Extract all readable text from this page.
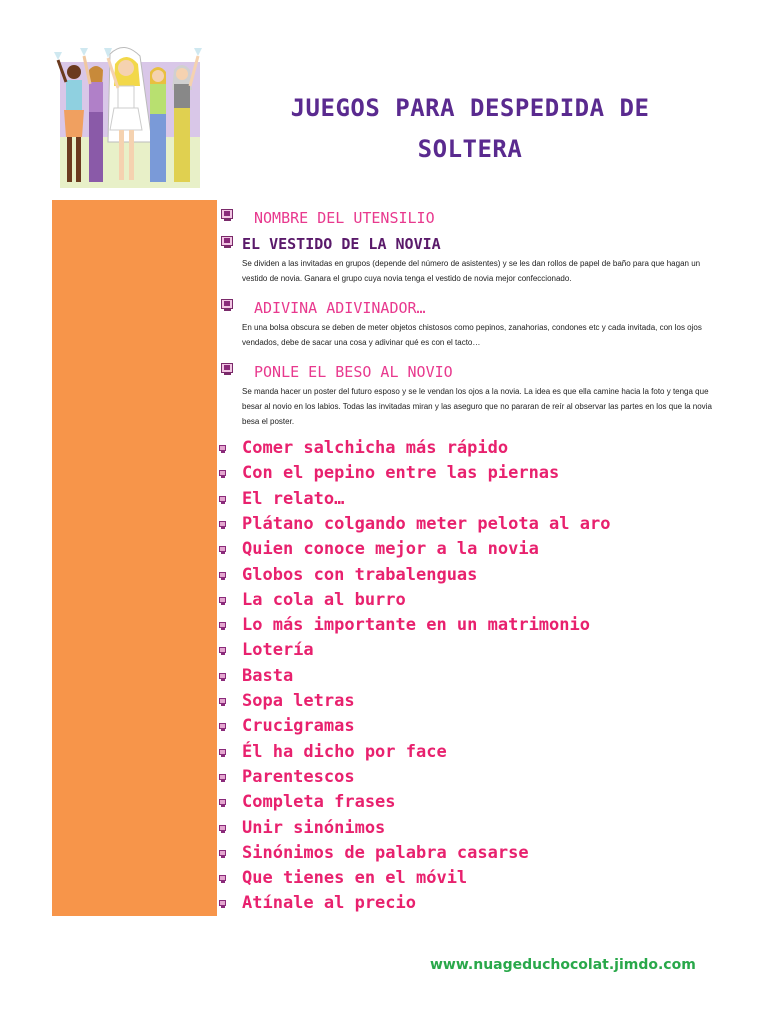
JUEGOS PARA DESPEDIDA DE
SOLTERA
NOMBRE DEL UTENSILIO
EL VESTIDO DE LA NOVIA
Se dividen a las invitadas en grupos (depende del número de asistentes) y se les dan rollos de papel de baño para que hagan un vestido de novia. Ganara el grupo cuya novia tenga el vestido de novia mejor confeccionado.
ADIVINA ADIVINADOR…
En una bolsa obscura se deben de meter objetos chistosos como pepinos, zanahorias, condones etc y cada invitada, con los ojos vendados, debe de sacar una cosa y adivinar qué es con el tacto…
PONLE EL BESO AL NOVIO
Se manda hacer un poster del futuro esposo y se le vendan los ojos a la novia. La idea es que ella camine hacia la foto y tenga que besar al novio en los labios. Todas las invitadas miran y las aseguro que no pararan de reír al observar las partes en los que la novia besa el poster.
Comer salchicha más rápido
Con el pepino entre las piernas
El relato…
Plátano colgando meter pelota al aro
Quien conoce mejor a la novia
Globos con trabalenguas
La cola al burro
Lo más importante en un matrimonio
Lotería
Basta
Sopa letras
Crucigramas
Él ha dicho por face
Parentescos
Completa frases
Unir sinónimos
Sinónimos de palabra casarse
Que tienes en el móvil
Atínale al precio
www.nuageduchocolat.jimdo.com
